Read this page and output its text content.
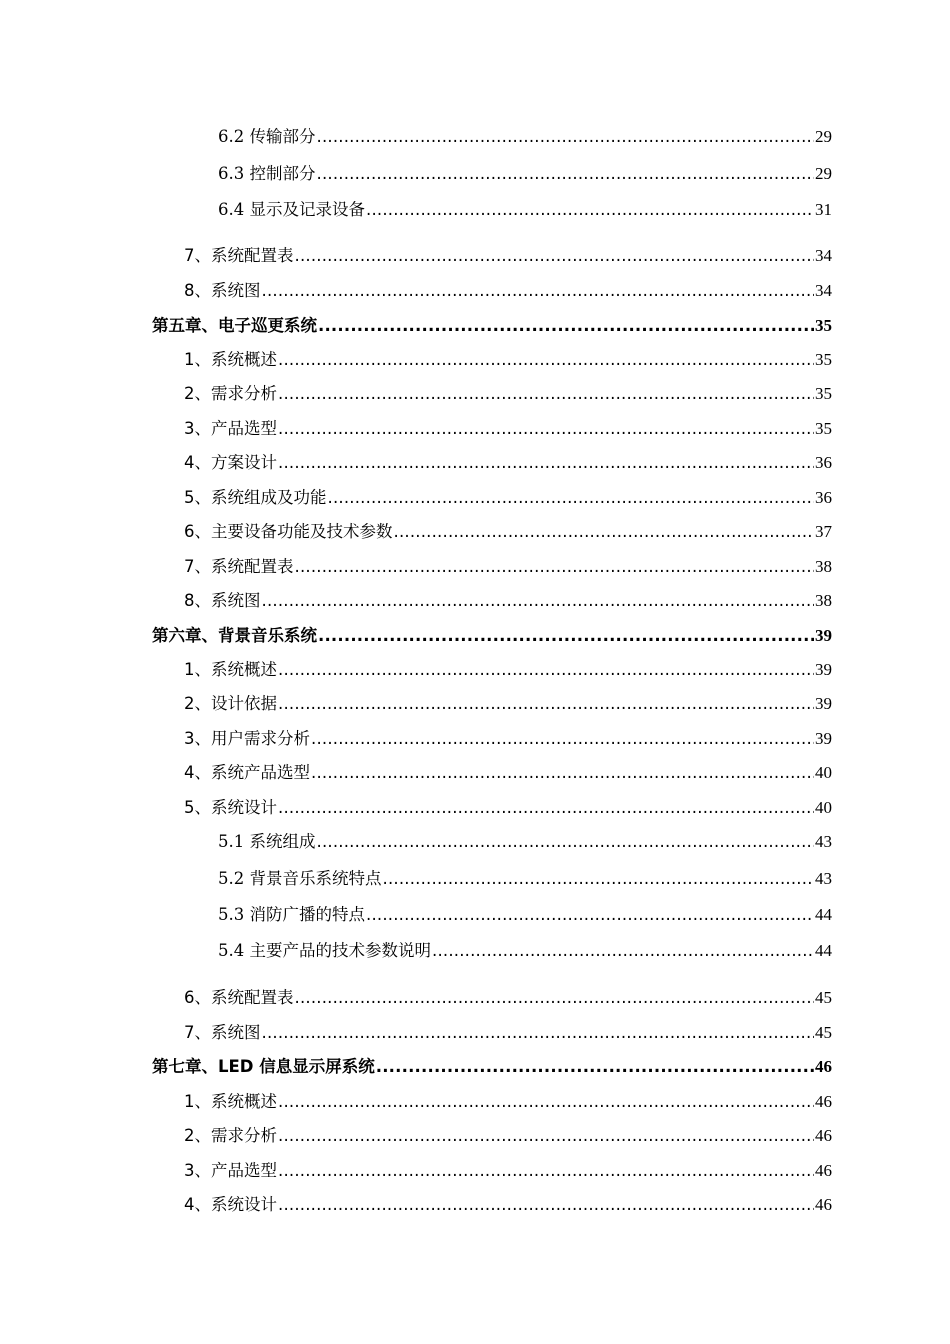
6.2 传输部分 .....	29
6.3 控制部分 .....	29
6.4 显示及记录设备 .....	31
7、系统配置表 .....	34
8、系统图 .....	34
第五章、电子巡更系统 .....	35
1、系统概述 .....	35
2、需求分析 .....	35
3、产品选型 .....	35
4、方案设计 .....	36
5、系统组成及功能 .....	36
6、主要设备功能及技术参数 .....	37
7、系统配置表 .....	38
8、系统图 .....	38
第六章、背景音乐系统 .....	39
1、系统概述 .....	39
2、设计依据 .....	39
3、用户需求分析 .....	39
4、系统产品选型 .....	40
5、系统设计 .....	40
5.1 系统组成 .....	43
5.2 背景音乐系统特点 .....	43
5.3 消防广播的特点 .....	44
5.4 主要产品的技术参数说明 .....	44
6、系统配置表 .....	45
7、系统图 .....	45
第七章、LED 信息显示屏系统 .....	46
1、系统概述 .....	46
2、需求分析 .....	46
3、产品选型 .....	46
4、系统设计 .....	46
